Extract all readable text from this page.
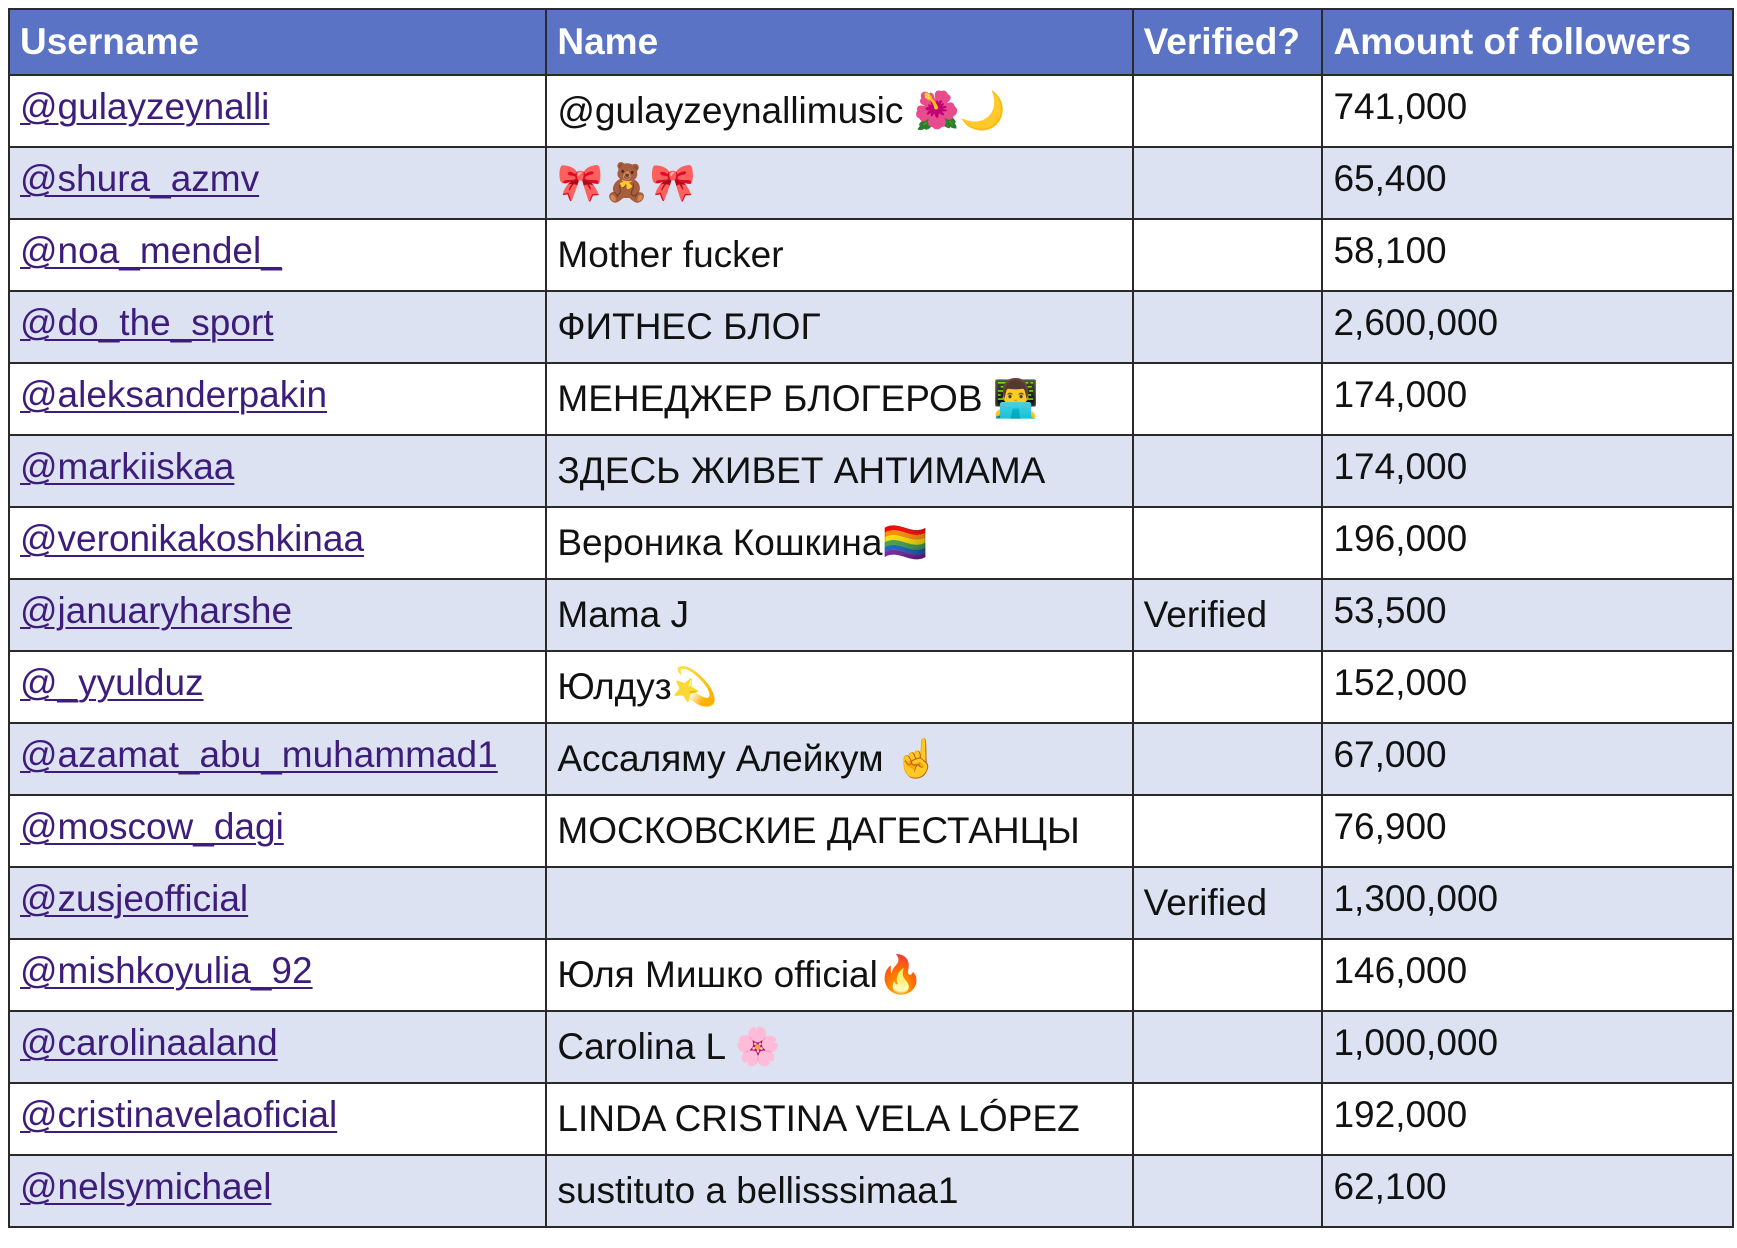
Username	Name	Verified?	Amount of followers
@gulayzeynalli	@gulayzeynallimusic 🌺🌙		741,000
@shura_azmv	🎀🧸🎀		65,400
@noa_mendel_	Mother fucker		58,100
@do_the_sport	ФИТНЕС БЛОГ		2,600,000
@aleksanderpakin	МЕНЕДЖЕР БЛОГЕРОВ 👨‍💻		174,000
@markiiskaa	ЗДЕСЬ ЖИВЕТ АНТИМАМА		174,000
@veronikakoshkinaa	Вероника Кошкина🏳️‍🌈		196,000
@januaryharshe	Mama J	Verified	53,500
@_yyulduz	Юлдуз💫		152,000
@azamat_abu_muhammad1	Ассаляму Алейкум ☝️		67,000
@moscow_dagi	МОСКОВСКИЕ ДАГЕСТАНЦЫ		76,900
@zusjeofficial		Verified	1,300,000
@mishkoyulia_92	Юля Мишко official🔥		146,000
@carolinaaland	Carolina L 🌸		1,000,000
@cristinavelaoficial	LINDA CRISTINA VELA LÓPEZ		192,000
@nelsymichael	sustituto a bellisssimaa1		62,100
